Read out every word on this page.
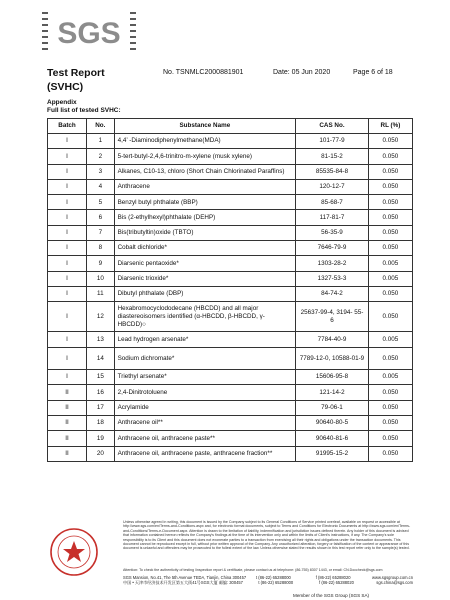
SGS
Test Report
(SVHC)
No. TSNMLC2000881901	Date: 05 Jun 2020	Page 6 of 18
Appendix
Full list of tested SVHC:
Batch	No.	Substance Name	CAS No.	RL (%)
I	1	4,4’ -Diaminodiphenylmethane(MDA)	101-77-9	0.050
I	2	5-tert-butyl-2,4,6-trinitro-m-xylene (musk xylene)	81-15-2	0.050
I	3	Alkanes, C10-13, chloro (Short Chain Chlorinated Paraffins)	85535-84-8	0.050
I	4	Anthracene	120-12-7	0.050
I	5	Benzyl butyl phthalate (BBP)	85-68-7	0.050
I	6	Bis (2-ethylhexyl)phthalate (DEHP)	117-81-7	0.050
I	7	Bis(tributyltin)oxide (TBTO)	56-35-9	0.050
I	8	Cobalt dichloride*	7646-79-9	0.050
I	9	Diarsenic pentaoxide*	1303-28-2	0.005
I	10	Diarsenic trioxide*	1327-53-3	0.005
I	11	Dibutyl phthalate (DBP)	84-74-2	0.050
I	12	Hexabromocyclododecane (HBCDD) and all major diastereoisomers identified (α-HBCDD, β-HBCDD, γ-HBCDD)○	25637-99-4, 3194- 55-6	0.050
I	13	Lead hydrogen arsenate*	7784-40-9	0.005
I	14	Sodium dichromate*	7789-12-0, 10588-01-9	0.050
I	15	Triethyl arsenate*	15606-95-8	0.005
II	16	2,4-Dinitrotoluene	121-14-2	0.050
II	17	Acrylamide	79-06-1	0.050
II	18	Anthracene oil**	90640-80-5	0.050
II	19	Anthracene oil, anthracene paste**	90640-81-6	0.050
II	20	Anthracene oil, anthracene paste, anthracene fraction**	91995-15-2	0.050
Unless otherwise agreed in writing, this document is issued by the Company subject to its General Conditions of Service printed overleaf, available on request or accessible at http://www.sgs.com/en/Terms-and-Conditions.aspx and, for electronic format documents, subject to Terms and Conditions for Electronic Documents at http://www.sgs.com/en/Terms-and-Conditions/Terms-e-Document.aspx. Attention is drawn to the limitation of liability, indemnification and jurisdiction issues defined therein. Any holder of this document is advised that information contained hereon reflects the Company's findings at the time of its intervention only and within the limits of Client's instructions, if any. The Company's sole responsibility is to its Client and this document does not exonerate parties to a transaction from exercising all their rights and obligations under the transaction documents. This document cannot be reproduced except in full, without prior written approval of the Company. Any unauthorized alteration, forgery or falsification of the content or appearance of this document is unlawful and offenders may be prosecuted to the fullest extent of the law. Unless otherwise stated the results shown in this test report refer only to the sample(s) tested.
Attention: To check the authenticity of testing /inspection report & certificate, please contact us at telephone: (86-755) 8307 1443, or email: CN.Doccheck@sgs.com
SGS Mansion, No.41, The 5th Avenue TEDA, Tianjin, China 300457	t (86-22) 65288000	f (86-22) 65288020	www.sgsgroup.com.cn
中国 • 天津市经济技术开发区第五大街41号SGS大厦 邮编: 300457	t (86-22) 65288000	f (86-22) 65288020	sgs.china@sgs.com
Member of the SGS Group (SGS SA)
